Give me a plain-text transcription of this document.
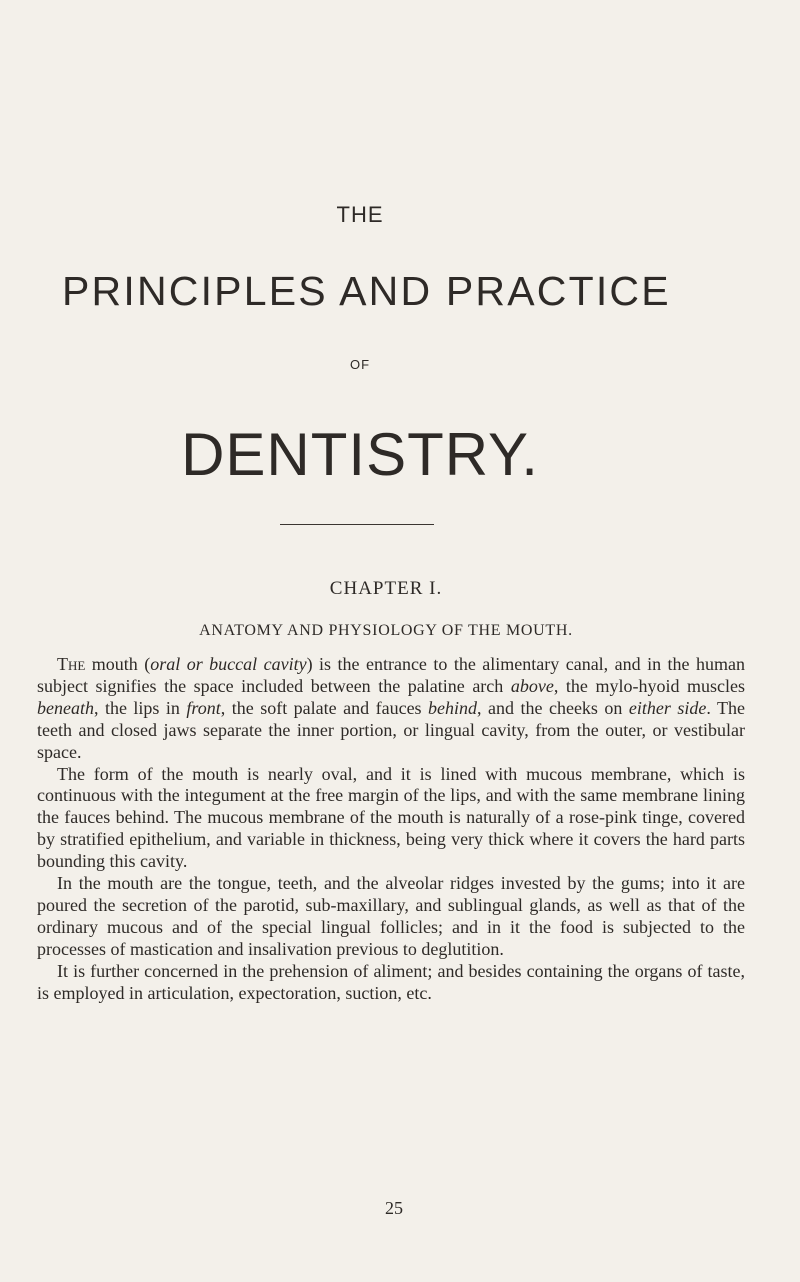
THE
PRINCIPLES AND PRACTICE
OF
DENTISTRY.
CHAPTER I.
ANATOMY AND PHYSIOLOGY OF THE MOUTH.

The mouth (oral or buccal cavity) is the entrance to the alimentary canal, and in the human subject signifies the space included between the palatine arch above, the mylo-hyoid muscles beneath, the lips in front, the soft palate and fauces behind, and the cheeks on either side. The teeth and closed jaws separate the inner portion, or lingual cavity, from the outer, or vestibular space.

The form of the mouth is nearly oval, and it is lined with mucous membrane, which is continuous with the integument at the free margin of the lips, and with the same membrane lining the fauces behind. The mucous membrane of the mouth is naturally of a rose-pink tinge, covered by stratified epithelium, and variable in thickness, being very thick where it covers the hard parts bounding this cavity.

In the mouth are the tongue, teeth, and the alveolar ridges invested by the gums; into it are poured the secretion of the parotid, sub-maxillary, and sublingual glands, as well as that of the ordinary mucous and of the special lingual follicles; and in it the food is subjected to the processes of mastication and insalivation previous to deglutition.

It is further concerned in the prehension of aliment; and besides containing the organs of taste, is employed in articulation, expectoration, suction, etc.

25
